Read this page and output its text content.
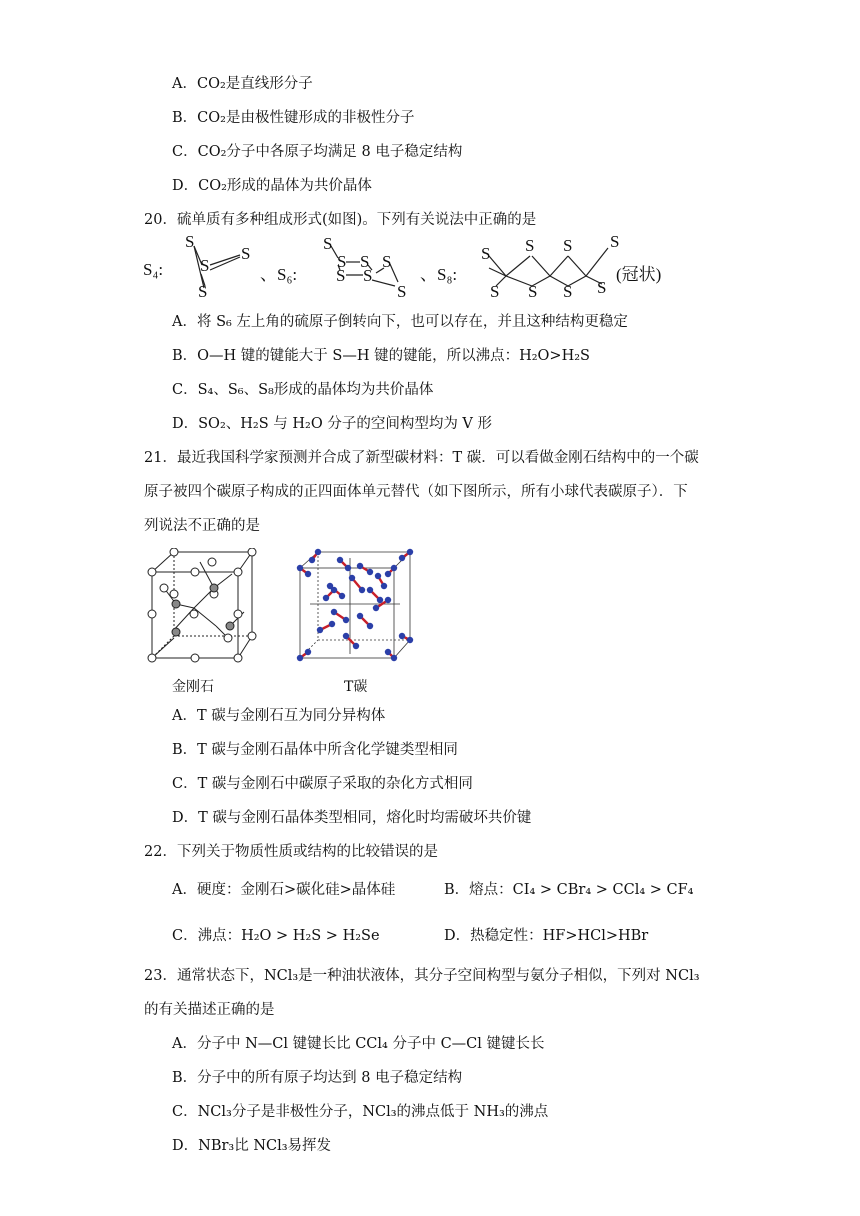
A．CO₂是直线形分子
B．CO₂是由极性键形成的非极性分子
C．CO₂分子中各原子均满足 8 电子稳定结构
D．CO₂形成的晶体为共价晶体
20．硫单质有多种组成形式(如图)。下列有关说法中正确的是
S₄:
S
S
S
S
、S₆:
S
S S S
S S
S
、S₈:
S S S S
S S S S
(冠状)
A．将 S₆ 左上角的硫原子倒转向下，也可以存在，并且这种结构更稳定
B．O—H 键的键能大于 S—H 键的键能，所以沸点：H₂O>H₂S
C．S₄、S₆、S₈形成的晶体均为共价晶体
D．SO₂、H₂S 与 H₂O 分子的空间构型均为 V 形
21．最近我国科学家预测并合成了新型碳材料：T 碳．可以看做金刚石结构中的一个碳
原子被四个碳原子构成的正四面体单元替代（如下图所示，所有小球代表碳原子）．下
列说法不正确的是
金刚石	T碳
A．T 碳与金刚石互为同分异构体
B．T 碳与金刚石晶体中所含化学键类型相同
C．T 碳与金刚石中碳原子采取的杂化方式相同
D．T 碳与金刚石晶体类型相同，熔化时均需破坏共价键
22．下列关于物质性质或结构的比较错误的是
A．硬度：金刚石>碳化硅>晶体硅	B．熔点：CI₄ > CBr₄ > CCl₄ > CF₄
C．沸点：H₂O > H₂S > H₂Se	D．热稳定性：HF>HCl>HBr
23．通常状态下，NCl₃是一种油状液体，其分子空间构型与氨分子相似，下列对 NCl₃
的有关描述正确的是
A．分子中 N—Cl 键键长比 CCl₄ 分子中 C—Cl 键键长长
B．分子中的所有原子均达到 8 电子稳定结构
C．NCl₃分子是非极性分子，NCl₃的沸点低于 NH₃的沸点
D．NBr₃比 NCl₃易挥发
